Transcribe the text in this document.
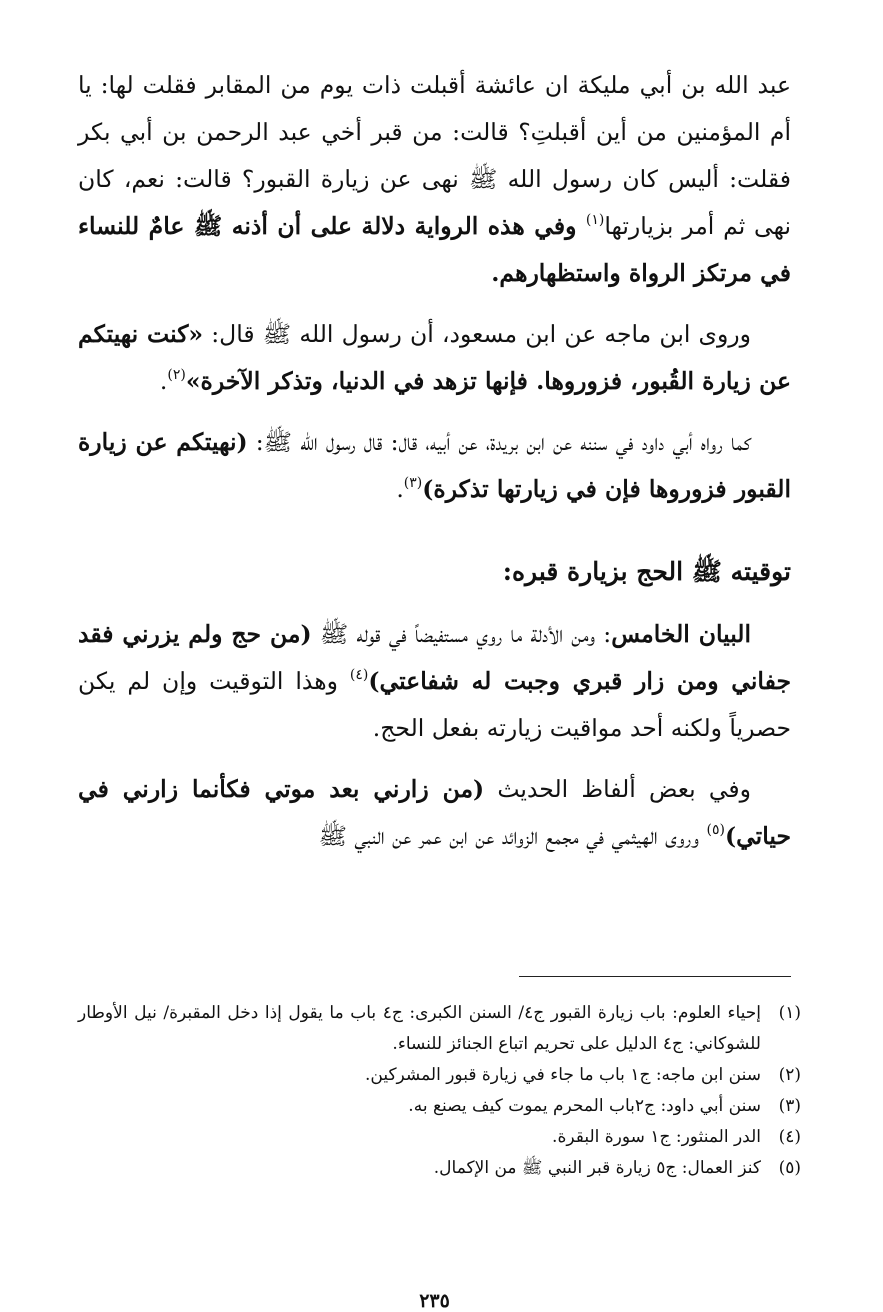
عبد الله بن أبي مليكة ان عائشة أقبلت ذات يوم من المقابر فقلت لها: يا أم المؤمنين من أين أقبلتِ؟ قالت: من قبر أخي عبد الرحمن بن أبي بكر فقلت: أليس كان رسول الله ﷺ نهى عن زيارة القبور؟ قالت: نعم، كان نهى ثم أمر بزيارتها$^{(١)}$ وفي هذه الرواية دلالة على أن أذنه ﷺ عامٌ للنساء في مرتكز الرواة واستظهارهم.

وروى ابن ماجه عن ابن مسعود، أن رسول الله ﷺ قال: «كنت نهيتكم عن زيارة القُبور، فزوروها. فإنها تزهد في الدنيا، وتذكر الآخرة»$^{(٢)}$.

كما رواه أبي داود في سننه عن ابن بريدة، عن أبيه، قال: قال رسول الله ﷺ: (نهيتكم عن زيارة القبور فزوروها فإن في زيارتها تذكرة)$^{(٣)}$.

توقيته ﷺ الحج بزيارة قبره:

البيان الخامس: ومن الأدلة ما روي مستفيضاً في قوله ﷺ (من حج ولم يزرني فقد جفاني ومن زار قبري وجبت له شفاعتي)$^{(٤)}$ وهذا التوقيت وإن لم يكن حصرياً ولكنه أحد مواقيت زيارته بفعل الحج.

وفي بعض ألفاظ الحديث (من زارني بعد موتي فكأنما زارني في حياتي)$^{(٥)}$ وروى الهيثمي في مجمع الزوائد عن ابن عمر عن النبي ﷺ

(١)
إحياء العلوم: باب زيارة القبور ج٤/ السنن الكبرى: ج٤ باب ما يقول إذا دخل المقبرة/ نيل الأوطار للشوكاني: ج٤ الدليل على تحريم اتباع الجنائز للنساء.
(٢)
سنن ابن ماجه: ج١ باب ما جاء في زيارة قبور المشركين.
(٣)
سنن أبي داود: ج٢باب المحرم يموت كيف يصنع به.
(٤)
الدر المنثور: ج١ سورة البقرة.
(٥)
كنز العمال: ج٥ زيارة قبر النبي ﷺ من الإكمال.
٢٣٥
